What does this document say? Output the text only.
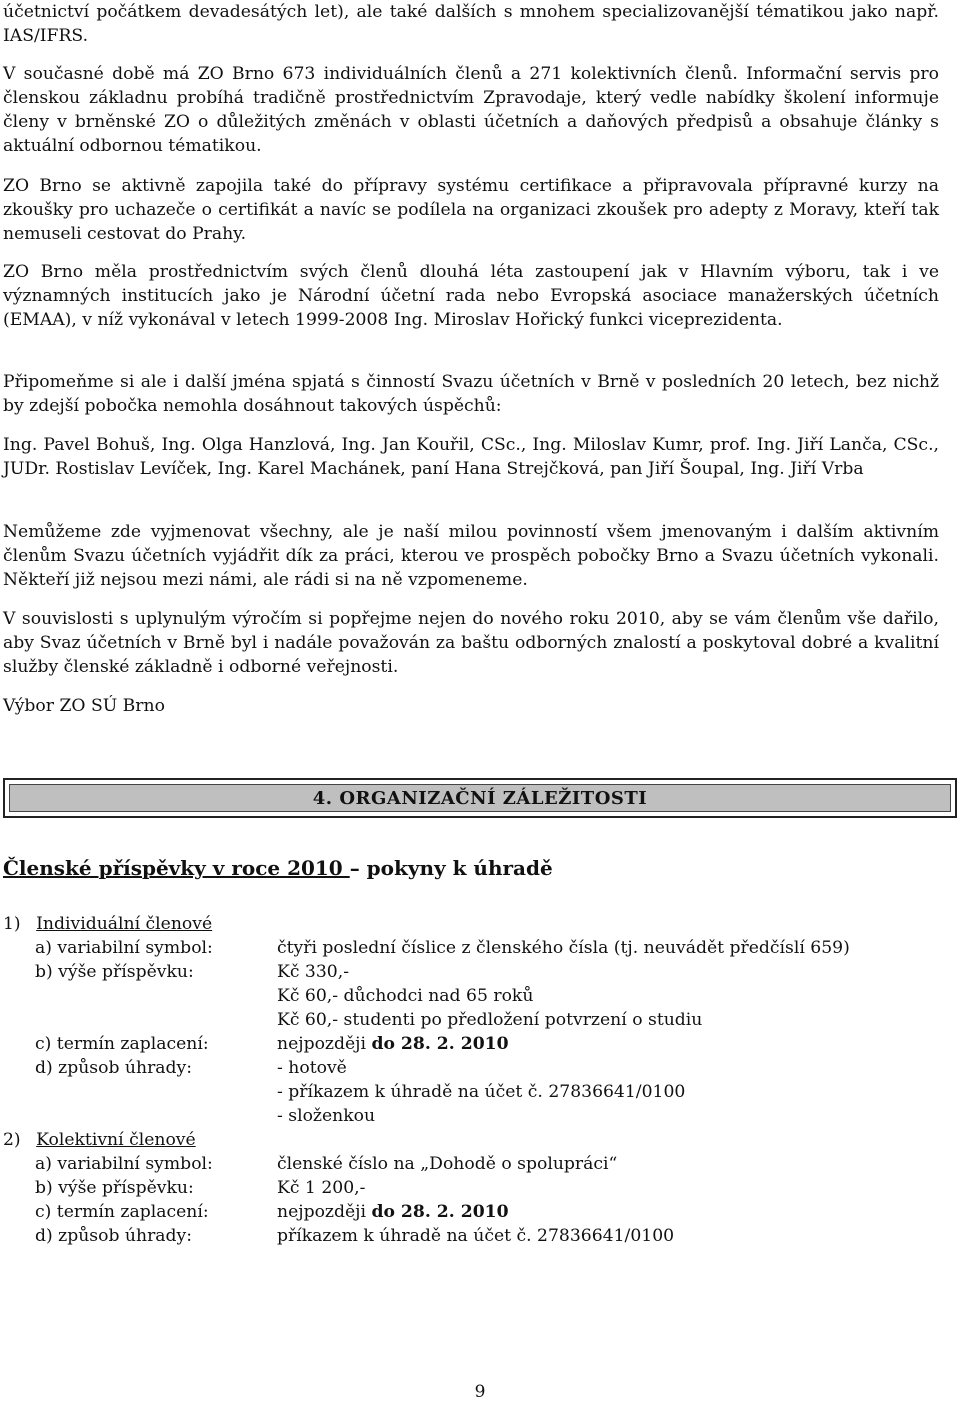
účetnictví počátkem devadesátých let), ale také dalších s mnohem specializovanější tématikou jako např. IAS/IFRS.

V současné době má ZO Brno 673 individuálních členů a 271 kolektivních členů. Informační servis pro členskou základnu probíhá tradičně prostřednictvím Zpravodaje, který vedle nabídky školení informuje členy v brněnské ZO o důležitých změnách v oblasti účetních a daňových předpisů a obsahuje články s aktuální odbornou tématikou.

ZO Brno se aktivně zapojila také do přípravy systému certifikace a připravovala přípravné kurzy na zkoušky pro uchazeče o certifikát a navíc se podílela na organizaci zkoušek pro adepty z Moravy, kteří tak nemuseli cestovat do Prahy.

ZO Brno měla prostřednictvím svých členů dlouhá léta zastoupení jak v Hlavním výboru, tak i ve významných institucích jako je Národní účetní rada nebo Evropská asociace manažerských účetních (EMAA), v níž vykonával v letech 1999-2008 Ing. Miroslav Hořický funkci viceprezidenta.

Připomeňme si ale i další jména spjatá s činností Svazu účetních v Brně v posledních 20 letech, bez nichž by zdejší pobočka nemohla dosáhnout takových úspěchů:

Ing. Pavel Bohuš, Ing. Olga Hanzlová, Ing. Jan Kouřil, CSc., Ing. Miloslav Kumr, prof. Ing. Jiří Lanča, CSc., JUDr. Rostislav Levíček, Ing. Karel Machánek, paní Hana Strejčková, pan Jiří Šoupal, Ing. Jiří Vrba

Nemůžeme zde vyjmenovat všechny, ale je naší milou povinností všem jmenovaným i dalším aktivním členům Svazu účetních vyjádřit dík za práci, kterou ve prospěch pobočky Brno a Svazu účetních vykonali. Někteří již nejsou mezi námi, ale rádi si na ně vzpomeneme.

V souvislosti s uplynulým výročím si popřejme nejen do nového roku 2010, aby se vám členům vše dařilo, aby Svaz účetních v Brně byl i nadále považován za baštu odborných znalostí a poskytoval dobré a kvalitní služby členské základně i odborné veřejnosti.

Výbor ZO SÚ Brno

4. ORGANIZAČNÍ ZÁLEŽITOSTI

Členské příspěvky v roce 2010 – pokyny k úhradě

1) Individuální členové
a) variabilní symbol:	čtyři poslední číslice z členského čísla (tj. neuvádět předčíslí 659)
b) výše příspěvku:	Kč 330,-
Kč 60,- důchodci nad 65 roků
Kč 60,- studenti po předložení potvrzení o studiu
c) termín zaplacení:	nejpozději do 28. 2. 2010
d) způsob úhrady:	- hotově
- příkazem k úhradě na účet č. 27836641/0100
- složenkou
2) Kolektivní členové
a) variabilní symbol:	členské číslo na „Dohodě o spolupráci“
b) výše příspěvku:	Kč 1 200,-
c) termín zaplacení:	nejpozději do 28. 2. 2010
d) způsob úhrady:	příkazem k úhradě na účet č. 27836641/0100
9
